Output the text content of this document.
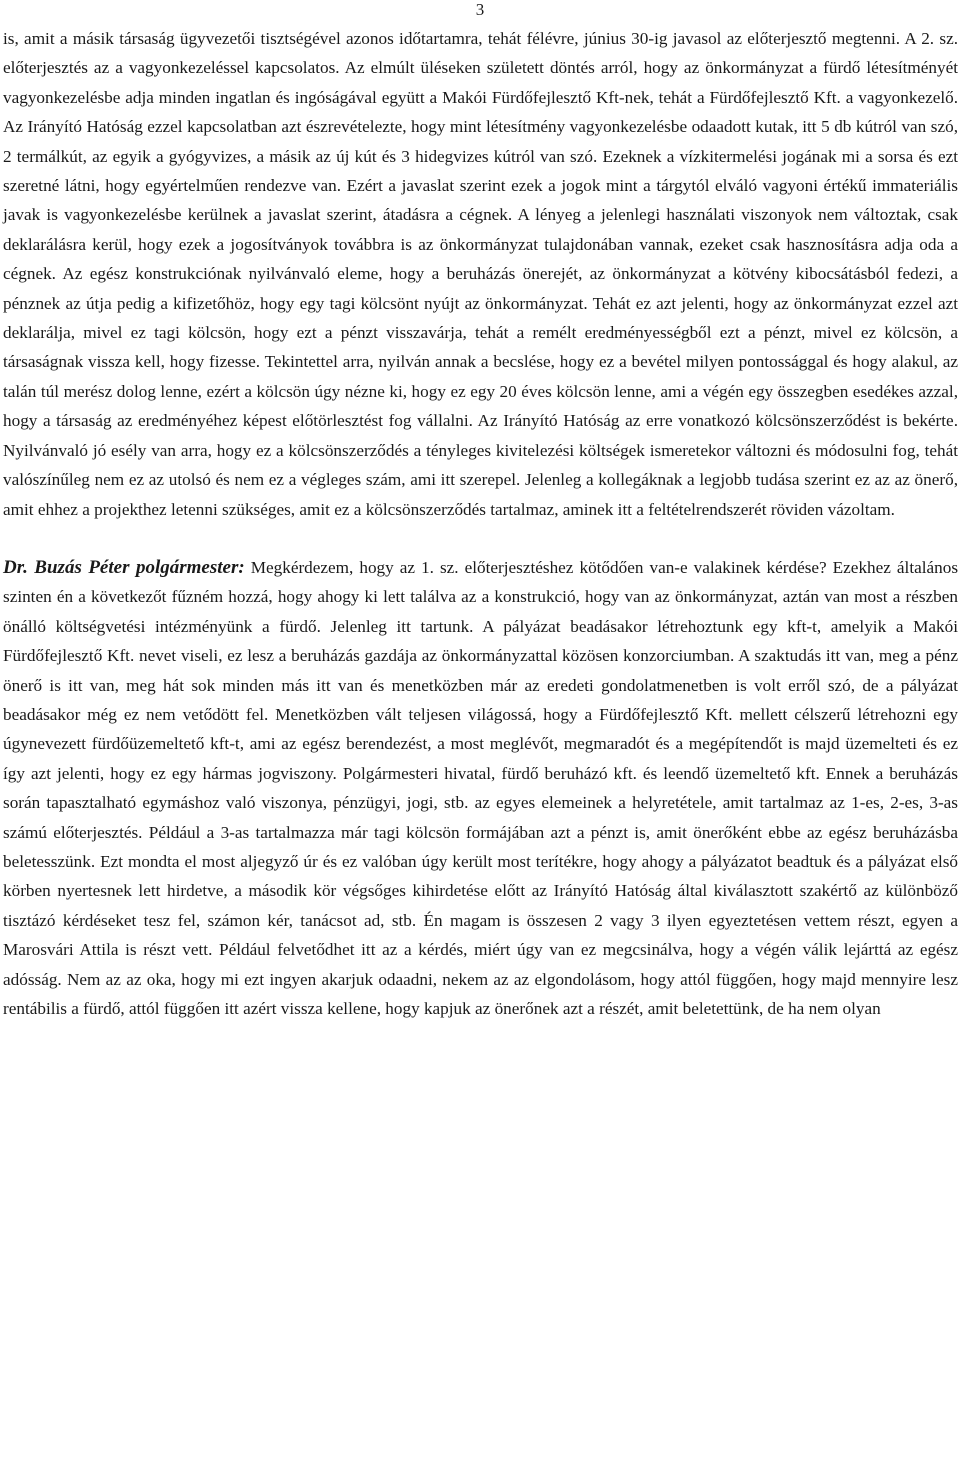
3

is, amit a másik társaság ügyvezetői tisztségével azonos időtartamra, tehát félévre, június 30-ig javasol az előterjesztő megtenni. A 2. sz. előterjesztés az a vagyonkezeléssel kapcsolatos. Az elmúlt üléseken született döntés arról, hogy az önkormányzat a fürdő létesítményét vagyonkezelésbe adja minden ingatlan és ingóságával együtt a Makói Fürdőfejlesztő Kft-nek, tehát a Fürdőfejlesztő Kft. a vagyonkezelő. Az Irányító Hatóság ezzel kapcsolatban azt észrevételezte, hogy mint létesítmény vagyonkezelésbe odaadott kutak, itt 5 db kútról van szó, 2 termálkút, az egyik a gyógyvizes, a másik az új kút és 3 hidegvizes kútról van szó. Ezeknek a vízkitermelési jogának mi a sorsa és ezt szeretné látni, hogy egyértelműen rendezve van. Ezért a javaslat szerint ezek a jogok mint a tárgytól elváló vagyoni értékű immateriális javak is vagyonkezelésbe kerülnek a javaslat szerint, átadásra a cégnek. A lényeg a jelenlegi használati viszonyok nem változtak, csak deklarálásra kerül, hogy ezek a jogosítványok továbbra is az önkormányzat tulajdonában vannak, ezeket csak hasznosításra adja oda a cégnek. Az egész konstrukciónak nyilvánvaló eleme, hogy a beruházás önerejét, az önkormányzat a kötvény kibocsátásból fedezi, a pénznek az útja pedig a kifizetőhöz, hogy egy tagi kölcsönt nyújt az önkormányzat. Tehát ez azt jelenti, hogy az önkormányzat ezzel azt deklarálja, mivel ez tagi kölcsön, hogy ezt a pénzt visszavárja, tehát a remélt eredményességből ezt a pénzt, mivel ez kölcsön, a társaságnak vissza kell, hogy fizesse. Tekintettel arra, nyilván annak a becslése, hogy ez a bevétel milyen pontossággal és hogy alakul, az talán túl merész dolog lenne, ezért a kölcsön úgy nézne ki, hogy ez egy 20 éves kölcsön lenne, ami a végén egy összegben esedékes azzal, hogy a társaság az eredményéhez képest előtörlesztést fog vállalni. Az Irányító Hatóság az erre vonatkozó kölcsönszerződést is bekérte. Nyilvánvaló jó esély van arra, hogy ez a kölcsönszerződés a tényleges kivitelezési költségek ismeretekor változni és módosulni fog, tehát valószínűleg nem ez az utolsó és nem ez a végleges szám, ami itt szerepel. Jelenleg a kollegáknak a legjobb tudása szerint ez az az önerő, amit ehhez a projekthez letenni szükséges, amit ez a kölcsönszerződés tartalmaz, aminek itt a feltételrendszerét röviden vázoltam.

Dr. Buzás Péter polgármester: Megkérdezem, hogy az 1. sz. előterjesztéshez kötődően van-e valakinek kérdése? Ezekhez általános szinten én a következőt fűzném hozzá, hogy ahogy ki lett találva az a konstrukció, hogy van az önkormányzat, aztán van most a részben önálló költségvetési intézményünk a fürdő. Jelenleg itt tartunk. A pályázat beadásakor létrehoztunk egy kft-t, amelyik a Makói Fürdőfejlesztő Kft. nevet viseli, ez lesz a beruházás gazdája az önkormányzattal közösen konzorciumban. A szaktudás itt van, meg a pénz önerő is itt van, meg hát sok minden más itt van és menetközben már az eredeti gondolatmenetben is volt erről szó, de a pályázat beadásakor még ez nem vetődött fel. Menetközben vált teljesen világossá, hogy a Fürdőfejlesztő Kft. mellett célszerű létrehozni egy úgynevezett fürdőüzemeltető kft-t, ami az egész berendezést, a most meglévőt, megmaradót és a megépítendőt is majd üzemelteti és ez így azt jelenti, hogy ez egy hármas jogviszony. Polgármesteri hivatal, fürdő beruházó kft. és leendő üzemeltető kft. Ennek a beruházás során tapasztalható egymáshoz való viszonya, pénzügyi, jogi, stb. az egyes elemeinek a helyretétele, amit tartalmaz az 1-es, 2-es, 3-as számú előterjesztés. Például a 3-as tartalmazza már tagi kölcsön formájában azt a pénzt is, amit önerőként ebbe az egész beruházásba beletesszünk. Ezt mondta el most aljegyző úr és ez valóban úgy került most terítékre, hogy ahogy a pályázatot beadtuk és a pályázat első körben nyertesnek lett hirdetve, a második kör végsőges kihirdetése előtt az Irányító Hatóság által kiválasztott szakértő az különböző tisztázó kérdéseket tesz fel, számon kér, tanácsot ad, stb. Én magam is összesen 2 vagy 3 ilyen egyeztetésen vettem részt, egyen a Marosvári Attila is részt vett. Például felvetődhet itt az a kérdés, miért úgy van ez megcsinálva, hogy a végén válik lejárttá az egész adósság. Nem az az oka, hogy mi ezt ingyen akarjuk odaadni, nekem az az elgondolásom, hogy attól függően, hogy majd mennyire lesz rentábilis a fürdő, attól függően itt azért vissza kellene, hogy kapjuk az önerőnek azt a részét, amit beletettünk, de ha nem olyan
